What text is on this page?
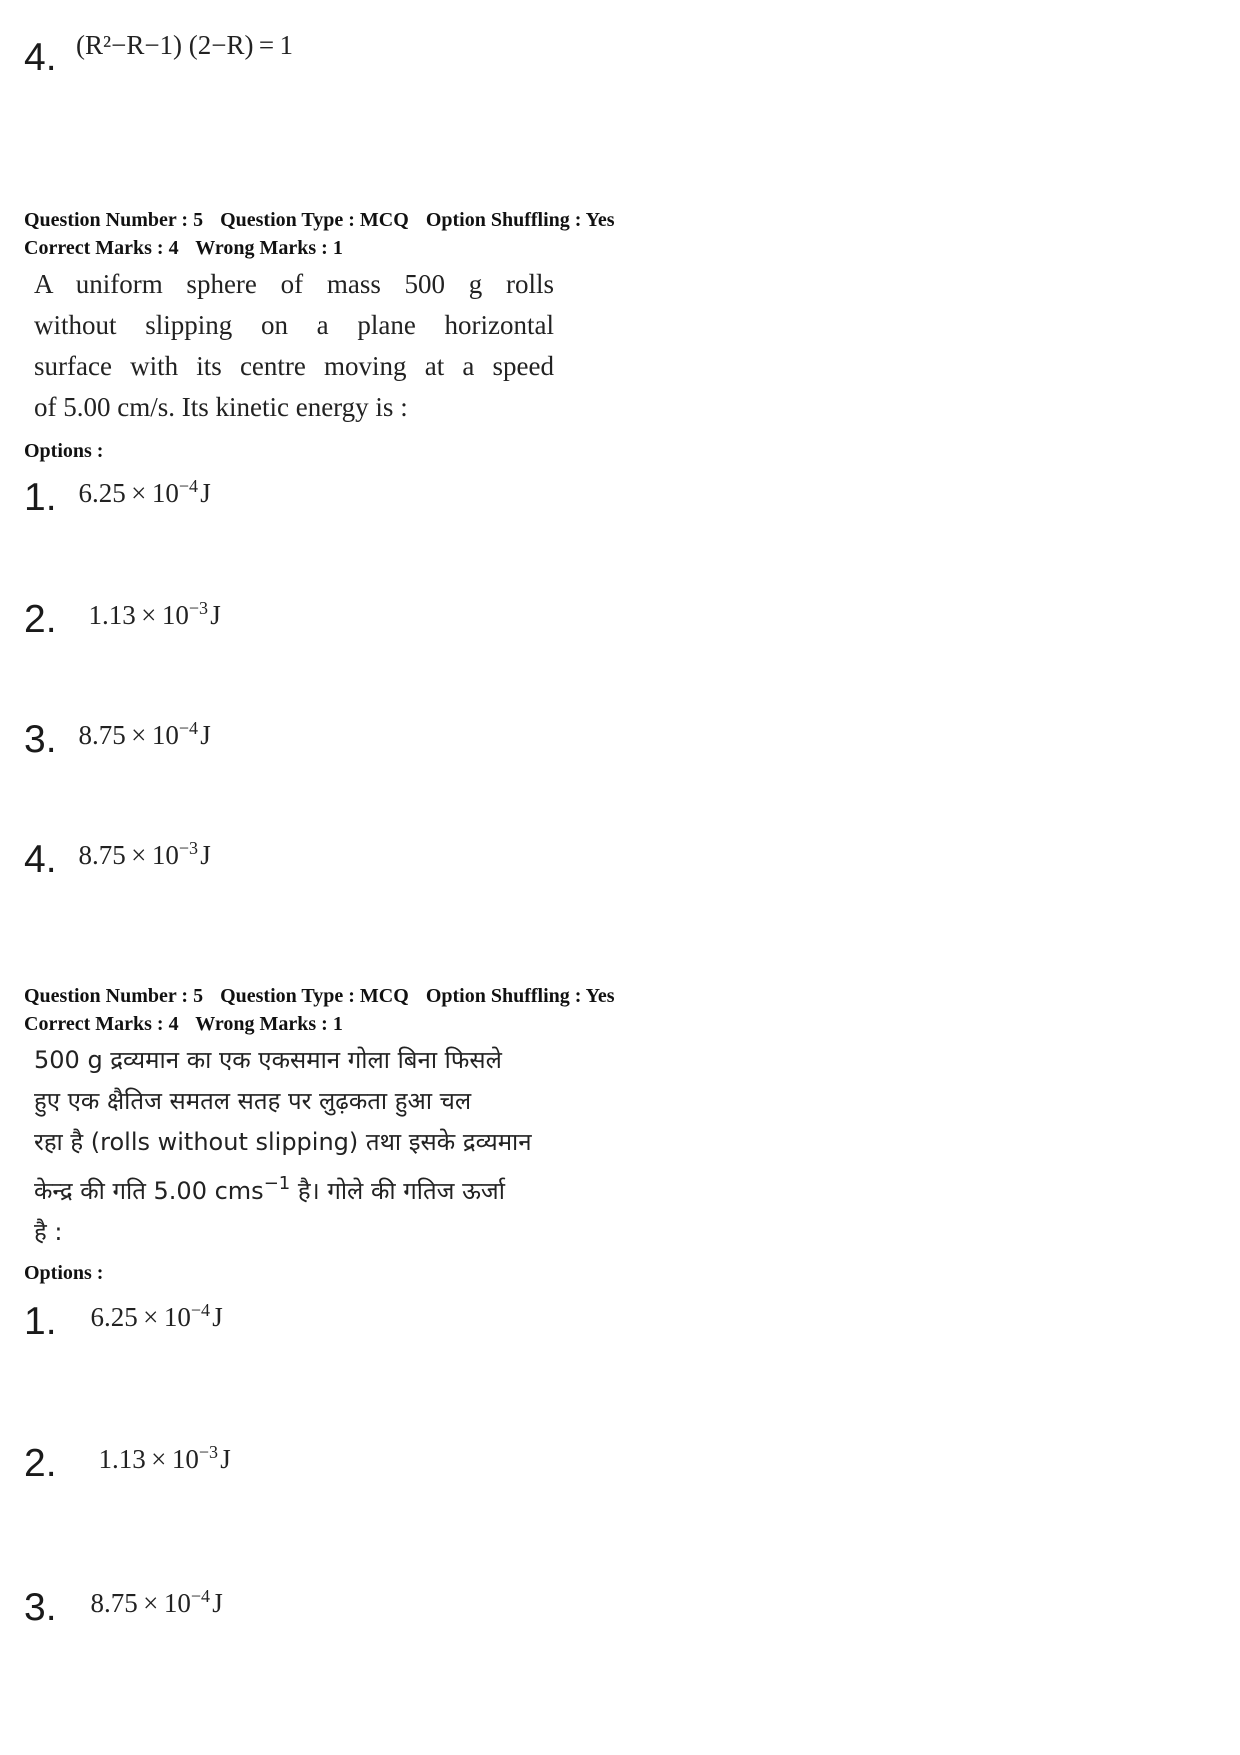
4. (R²−R−1) (2−R) = 1
Question Number : 5 Question Type : MCQ Option Shuffling : Yes
Correct Marks : 4 Wrong Marks : 1
A uniform sphere of mass 500 g rolls
without slipping on a plane horizontal
surface with its centre moving at a speed
of 5.00 cm/s. Its kinetic energy is :
Options :
1. $6.25 \times 10^{-4}$ J
2. $1.13 \times 10^{-3}$ J
3. $8.75 \times 10^{-4}$ J
4. $8.75 \times 10^{-3}$ J
Question Number : 5 Question Type : MCQ Option Shuffling : Yes
Correct Marks : 4 Wrong Marks : 1
500 g द्रव्यमान का एक एकसमान गोला बिना फिसले
हुए एक क्षैतिज समतल सतह पर लुढ़कता हुआ चल
रहा है (rolls without slipping) तथा इसके द्रव्यमान
केन्द्र की गति 5.00 cms$^{-1}$ है। गोले की गतिज ऊर्जा
है :
Options :
1. $6.25 \times 10^{-4}$ J
2. $1.13 \times 10^{-3}$ J
3. $8.75 \times 10^{-4}$ J
